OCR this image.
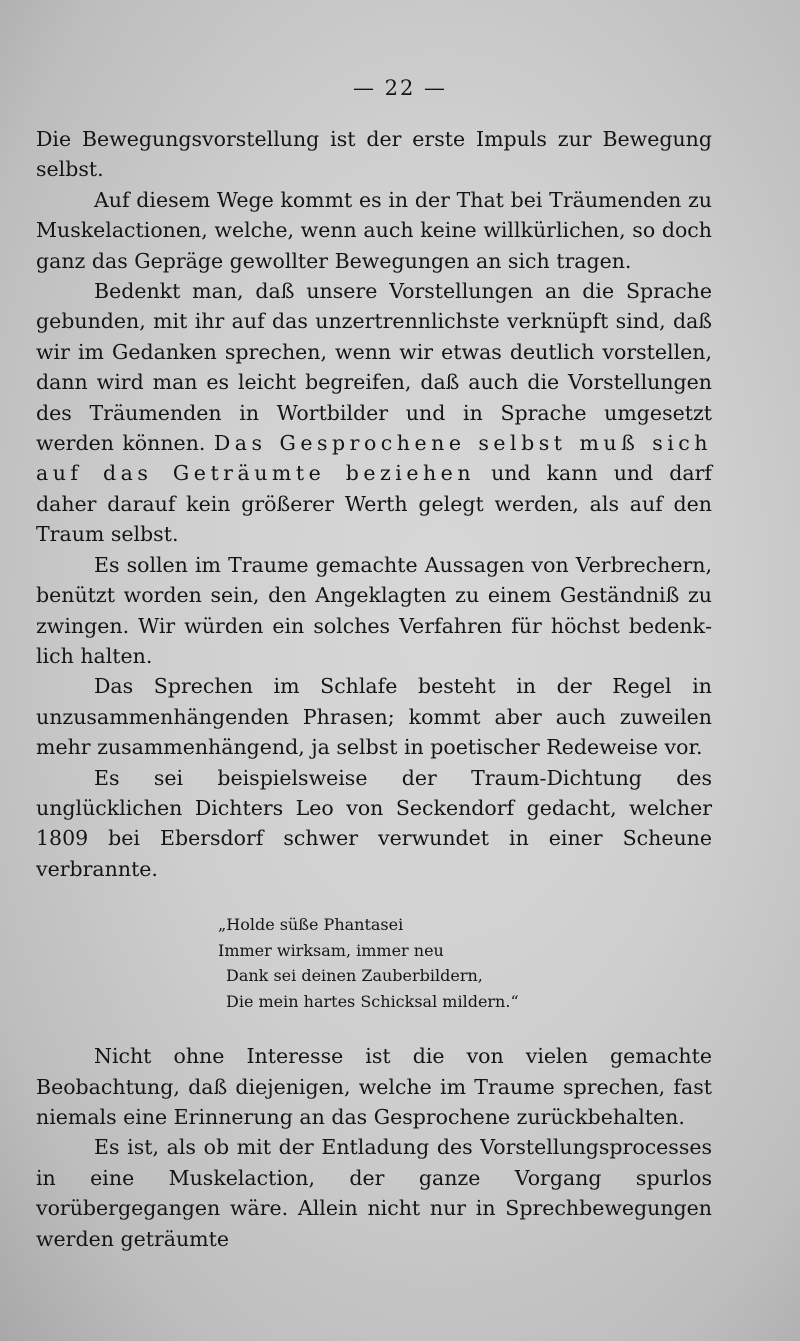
— 22 —

Die Bewegungsvorstellung ist der erste Impuls zur Bewegung selbst.

Auf diesem Wege kommt es in der That bei Träumenden zu Muskelactionen, welche, wenn auch keine willkürlichen, so doch ganz das Gepräge gewollter Bewegungen an sich tragen.

Bedenkt man, daß unsere Vorstellungen an die Sprache gebunden, mit ihr auf das unzertrennlichste verknüpft sind, daß wir im Gedanken sprechen, wenn wir etwas deutlich vorstellen, dann wird man es leicht begreifen, daß auch die Vorstellungen des Träumenden in Wortbilder und in Sprache umgesetzt werden können. Das Gesprochene selbst muß sich auf das Geträumte beziehen und kann und darf daher darauf kein größerer Werth gelegt werden, als auf den Traum selbst.

Es sollen im Traume gemachte Aussagen von Verbrechern, benützt worden sein, den Angeklagten zu einem Geständniß zu zwingen. Wir würden ein solches Verfahren für höchst bedenklich halten.

Das Sprechen im Schlafe besteht in der Regel in unzusammenhängenden Phrasen; kommt aber auch zuweilen mehr zusammenhängend, ja selbst in poetischer Redeweise vor.

Es sei beispielsweise der Traum-Dichtung des unglücklichen Dichters Leo von Seckendorf gedacht, welcher 1809 bei Ebersdorf schwer verwundet in einer Scheune verbrannte.

„Holde süße Phantasei
Immer wirksam, immer neu
Dank sei deinen Zauberbildern,
Die mein hartes Schicksal mildern.“

Nicht ohne Interesse ist die von vielen gemachte Beobachtung, daß diejenigen, welche im Traume sprechen, fast niemals eine Erinnerung an das Gesprochene zurückbehalten.

Es ist, als ob mit der Entladung des Vorstellungsprocesses in eine Muskelaction, der ganze Vorgang spurlos vorübergegangen wäre. Allein nicht nur in Sprechbewegungen werden geträumte
